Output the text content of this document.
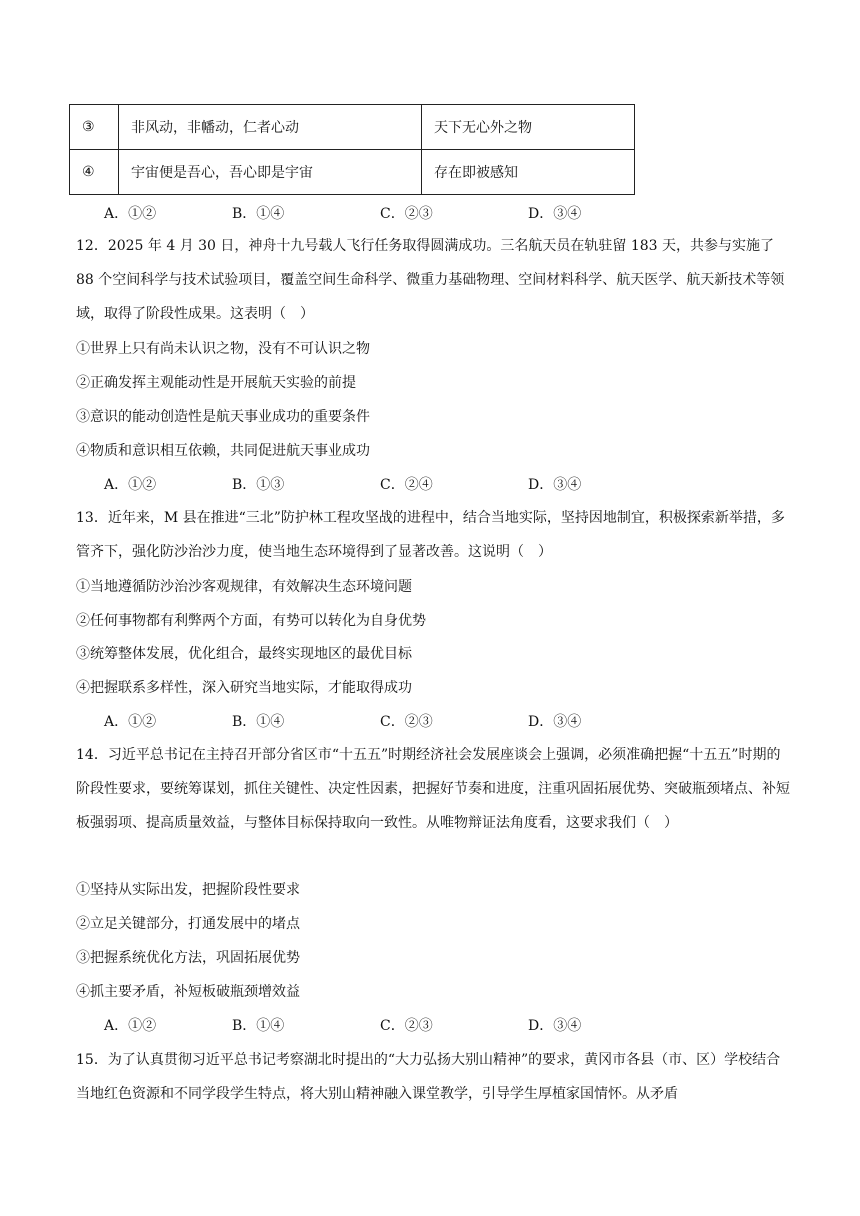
③	非风动，非幡动，仁者心动	天下无心外之物
④	宇宙便是吾心，吾心即是宇宙	存在即被感知
A．①②	B．①④	C．②③	D．③④

12．2025 年 4 月 30 日，神舟十九号载人飞行任务取得圆满成功。三名航天员在轨驻留 183 天，共参与实施了 88 个空间科学与技术试验项目，覆盖空间生命科学、微重力基础物理、空间材料科学、航天医学、航天新技术等领域，取得了阶段性成果。这表明（　）

①世界上只有尚未认识之物，没有不可认识之物
②正确发挥主观能动性是开展航天实验的前提
③意识的能动创造性是航天事业成功的重要条件
④物质和意识相互依赖，共同促进航天事业成功
A．①②	B．①③	C．②④	D．③④

13．近年来，M 县在推进“三北”防护林工程攻坚战的进程中，结合当地实际，坚持因地制宜，积极探索新举措，多管齐下，强化防沙治沙力度，使当地生态环境得到了显著改善。这说明（　）

①当地遵循防沙治沙客观规律，有效解决生态环境问题
②任何事物都有利弊两个方面，有势可以转化为自身优势
③统筹整体发展，优化组合，最终实现地区的最优目标
④把握联系多样性，深入研究当地实际，才能取得成功
A．①②	B．①④	C．②③	D．③④

14．习近平总书记在主持召开部分省区市“十五五”时期经济社会发展座谈会上强调，必须准确把握“十五五”时期的阶段性要求，要统筹谋划，抓住关键性、决定性因素，把握好节奏和进度，注重巩固拓展优势、突破瓶颈堵点、补短板强弱项、提高质量效益，与整体目标保持取向一致性。从唯物辩证法角度看，这要求我们（　）

①坚持从实际出发，把握阶段性要求
②立足关键部分，打通发展中的堵点
③把握系统优化方法，巩固拓展优势
④抓主要矛盾，补短板破瓶颈增效益
A．①②	B．①④	C．②③	D．③④

15．为了认真贯彻习近平总书记考察湖北时提出的“大力弘扬大别山精神”的要求，黄冈市各县（市、区）学校结合当地红色资源和不同学段学生特点，将大别山精神融入课堂教学，引导学生厚植家国情怀。从矛盾
